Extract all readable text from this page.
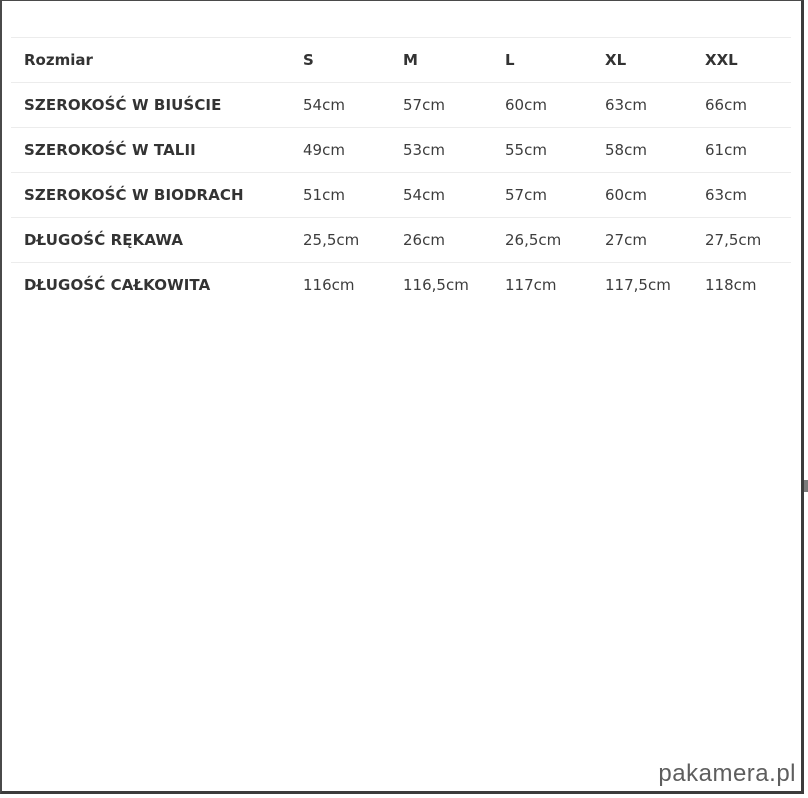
Rozmiar	S	M	L	XL	XXL
SZEROKOŚĆ W BIUŚCIE	54cm	57cm	60cm	63cm	66cm
SZEROKOŚĆ W TALII	49cm	53cm	55cm	58cm	61cm
SZEROKOŚĆ W BIODRACH	51cm	54cm	57cm	60cm	63cm
DŁUGOŚĆ RĘKAWA	25,5cm	26cm	26,5cm	27cm	27,5cm
DŁUGOŚĆ CAŁKOWITA	116cm	116,5cm	117cm	117,5cm	118cm
pakamera.pl
